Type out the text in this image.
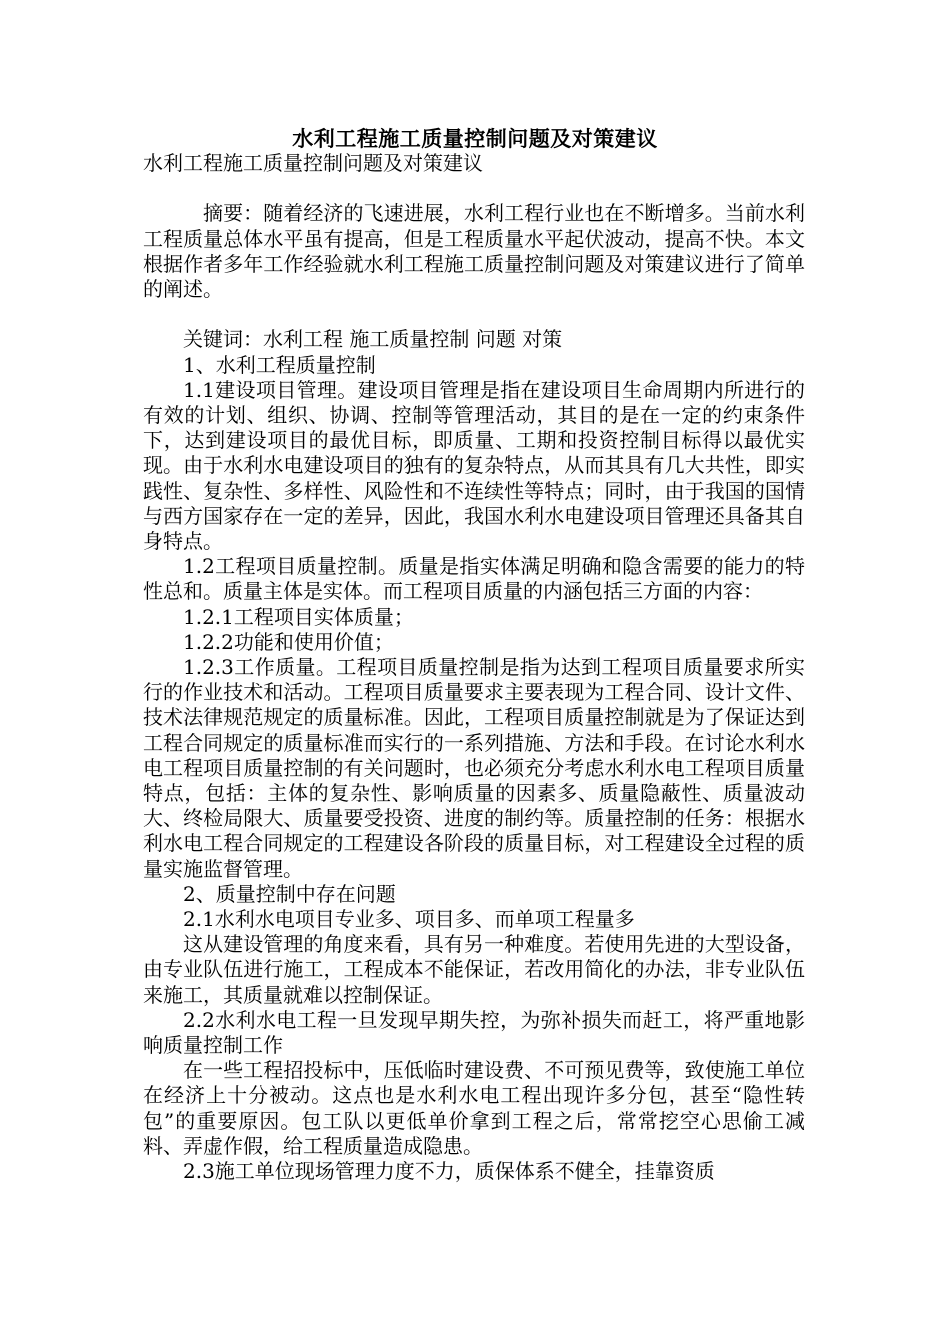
水利工程施工质量控制问题及对策建议

水利工程施工质量控制问题及对策建议

摘要：随着经济的飞速进展，水利工程行业也在不断增多。当前水利工程质量总体水平虽有提高，但是工程质量水平起伏波动，提高不快。本文根据作者多年工作经验就水利工程施工质量控制问题及对策建议进行了简单的阐述。

关键词：水利工程 施工质量控制 问题 对策

1、水利工程质量控制

1.1建设项目管理。建设项目管理是指在建设项目生命周期内所进行的有效的计划、组织、协调、控制等管理活动，其目的是在一定的约束条件下，达到建设项目的最优目标，即质量、工期和投资控制目标得以最优实现。由于水利水电建设项目的独有的复杂特点，从而其具有几大共性，即实践性、复杂性、多样性、风险性和不连续性等特点；同时，由于我国的国情与西方国家存在一定的差异，因此，我国水利水电建设项目管理还具备其自身特点。

1.2工程项目质量控制。质量是指实体满足明确和隐含需要的能力的特性总和。质量主体是实体。而工程项目质量的内涵包括三方面的内容：

1.2.1工程项目实体质量；

1.2.2功能和使用价值；

1.2.3工作质量。工程项目质量控制是指为达到工程项目质量要求所实行的作业技术和活动。工程项目质量要求主要表现为工程合同、设计文件、技术法律规范规定的质量标准。因此，工程项目质量控制就是为了保证达到工程合同规定的质量标准而实行的一系列措施、方法和手段。在讨论水利水电工程项目质量控制的有关问题时，也必须充分考虑水利水电工程项目质量特点，包括：主体的复杂性、影响质量的因素多、质量隐蔽性、质量波动大、终检局限大、质量要受投资、进度的制约等。质量控制的任务：根据水利水电工程合同规定的工程建设各阶段的质量目标，对工程建设全过程的质量实施监督管理。

2、质量控制中存在问题

2.1水利水电项目专业多、项目多、而单项工程量多

这从建设管理的角度来看，具有另一种难度。若使用先进的大型设备，由专业队伍进行施工，工程成本不能保证，若改用简化的办法，非专业队伍来施工，其质量就难以控制保证。

2.2水利水电工程一旦发现早期失控，为弥补损失而赶工，将严重地影响质量控制工作

在一些工程招投标中，压低临时建设费、不可预见费等，致使施工单位在经济上十分被动。这点也是水利水电工程出现许多分包，甚至“隐性转包”的重要原因。包工队以更低单价拿到工程之后，常常挖空心思偷工减料、弄虚作假，给工程质量造成隐患。

2.3施工单位现场管理力度不力，质保体系不健全，挂靠资质
